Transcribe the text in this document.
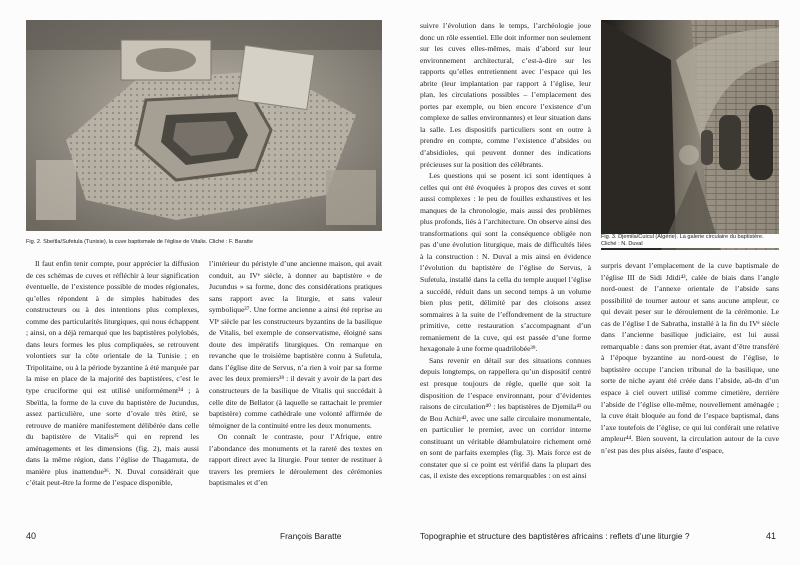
Fig. 2. Sbeïtla/Sufetula (Tunisie), la cuve baptismale de l’église de Vitalis. Cliché : F. Baratte

Il faut enfin tenir compte, pour apprécier la diffusion de ces schémas de cuves et réfléchir à leur signification éventuelle, de l’existence possible de modes régionales, qu’elles répondent à de simples habitudes des constructeurs ou à des intentions plus complexes, comme des particularités liturgiques, qui nous échappent ; ainsi, on a déjà remarqué que les baptistères polylobés, dans leurs formes les plus compliquées, se retrouvent volontiers sur la côte orientale de la Tunisie ; en Tripolitaine, ou à la période byzantine à été marquée par la mise en place de la majorité des baptistères, c’est le type cruciforme qui est utilisé uniformément³⁴ ; à Sbeïtla, la forme de la cuve du baptistère de Jucundus, assez particulière, une sorte d’ovale très étiré, se retrouve de manière manifestement délibérée dans celle du baptistère de Vitalis³⁵ qui en reprend les aménagements et les dimensions (fig. 2), mais aussi dans la même région, dans l’église de Thagamuta, de manière plus inattendue³⁶. N. Duval considérait que c’était peut-être la forme de l’espace disponible,

l’intérieur du péristyle d’une ancienne maison, qui avait conduit, au IVᵉ siècle, à donner au baptistère « de Jucundus » sa forme, donc des considérations pratiques sans rapport avec la liturgie, et sans valeur symbolique³⁷. Une forme ancienne a ainsi été reprise au VIᵉ siècle par les constructeurs byzantins de la basilique de Vitalis, bel exemple de conservatisme, éloigné sans doute des impératifs liturgiques. On remarque en revanche que le troisième baptistère connu à Sufetula, dans l’église dite de Servus, n’a rien à voir par sa forme avec les deux premiers³⁸ : il devait y avoir de la part des constructeurs de la basilique de Vitalis qui succédait à celle dite de Bellator (à laquelle se rattachait le premier baptistère) comme cathédrale une volonté affirmée de témoigner de la continuité entre les deux monuments.

On connaît le contraste, pour l’Afrique, entre l’abondance des monuments et la rareté des textes en rapport direct avec la liturgie. Pour tenter de restituer à travers les premiers le déroulement des cérémonies baptismales et d’en

40	François Baratte

suivre l’évolution dans le temps, l’archéologie joue donc un rôle essentiel. Elle doit informer non seulement sur les cuves elles-mêmes, mais d’abord sur leur environnement architectural, c’est-à-dire sur les rapports qu’elles entretiennent avec l’espace qui les abrite (leur implantation par rapport à l’église, leur plan, les circulations possibles – l’emplacement des portes par exemple, ou bien encore l’existence d’un complexe de salles environnantes) et leur situation dans la salle. Les dispositifs particuliers sont en outre à prendre en compte, comme l’existence d’absides ou d’absidioles, qui peuvent donner des indications précieuses sur la position des célébrants.

Les questions qui se posent ici sont identiques à celles qui ont été évoquées à propos des cuves et sont aussi complexes : le peu de fouilles exhaustives et les manques de la chronologie, mais aussi des problèmes plus profonds, liés à l’architecture. On observe ainsi des transformations qui sont la conséquence obligée non pas d’une évolution liturgique, mais de difficultés liées à la construction : N. Duval a mis ainsi en évidence l’évolution du baptistère de l’église de Servus, à Sufetula, installé dans la cella du temple auquel l’église a succédé, réduit dans un second temps à un volume bien plus petit, délimité par des cloisons assez sommaires à la suite de l’effondrement de la structure primitive, cette restauration s’accompagnant d’un remaniement de la cuve, qui est passée d’une forme hexagonale à une forme quadrilobée³⁹.

Sans revenir en détail sur des situations connues depuis longtemps, on rappellera qu’un dispositif centré est presque toujours de règle, quelle que soit la disposition de l’espace environnant, pour d’évidentes raisons de circulation⁴⁰ : les baptistères de Djemila⁴¹ ou de Bou Achir⁴², avec une salle circulaire monumentale, en particulier le premier, avec un corridor interne constituant un véritable déambulatoire richement orné en sont de parfaits exemples (fig. 3). Mais force est de constater que si ce point est vérifié dans la plupart des cas, il existe des exceptions remarquables : on est ainsi

Fig. 3. Djemila/Cuicul (Algérie). La galerie circulaire du baptistère. Cliché : N. Duval

surpris devant l’emplacement de la cuve baptismale de l’église III de Sidi Jdidi⁴³, calée de biais dans l’angle nord-ouest de l’annexe orientale de l’abside sans possibilité de tourner autour et sans aucune ampleur, ce qui devait peser sur le déroulement de la cérémonie. Le cas de l’église I de Sabratha, installé à la fin du IVᵉ siècle dans l’ancienne basilique judiciaire, est lui aussi remarquable : dans son premier état, avant d’être transféré à l’époque byzantine au nord-ouest de l’église, le baptistère occupe l’ancien tribunal de la basilique, une sorte de niche ayant été créée dans l’abside, aû-dn d’un espace à ciel ouvert utilisé comme cimetière, derrière l’abside de l’église elle-même, nouvellement aménagée ; la cuve était bloquée au fond de l’espace baptismal, dans l’axe toutefois de l’église, ce qui lui conférait une relative ampleur⁴⁴. Bien souvent, la circulation autour de la cuve n’est pas des plus aisées, faute d’espace,

Topographie et structure des baptistères africains : reflets d’une liturgie ?	41
